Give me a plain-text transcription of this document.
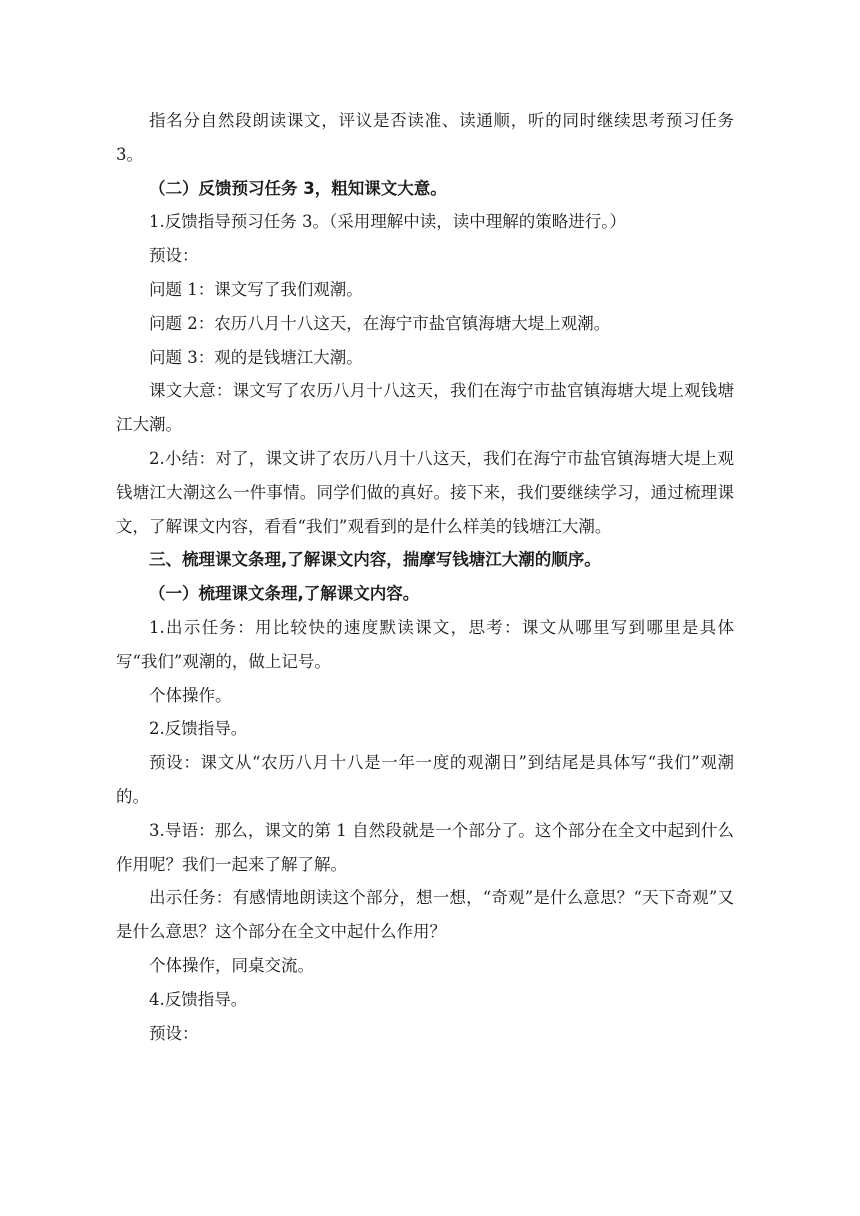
指名分自然段朗读课文，评议是否读准、读通顺，听的同时继续思考预习任务 3。

（二）反馈预习任务 3，粗知课文大意。

1.反馈指导预习任务 3。（采用理解中读，读中理解的策略进行。）

预设：

问题 1：课文写了我们观潮。

问题 2：农历八月十八这天，在海宁市盐官镇海塘大堤上观潮。

问题 3：观的是钱塘江大潮。

课文大意：课文写了农历八月十八这天，我们在海宁市盐官镇海塘大堤上观钱塘江大潮。

2.小结：对了，课文讲了农历八月十八这天，我们在海宁市盐官镇海塘大堤上观钱塘江大潮这么一件事情。同学们做的真好。接下来，我们要继续学习，通过梳理课文，了解课文内容，看看“我们”观看到的是什么样美的钱塘江大潮。

三、梳理课文条理,了解课文内容，揣摩写钱塘江大潮的顺序。

（一）梳理课文条理,了解课文内容。

1.出示任务：用比较快的速度默读课文，思考：课文从哪里写到哪里是具体写“我们”观潮的，做上记号。

个体操作。

2.反馈指导。

预设：课文从“农历八月十八是一年一度的观潮日”到结尾是具体写“我们”观潮的。

3.导语：那么，课文的第 1 自然段就是一个部分了。这个部分在全文中起到什么作用呢？我们一起来了解了解。

出示任务：有感情地朗读这个部分，想一想，“奇观”是什么意思？“天下奇观”又是什么意思？这个部分在全文中起什么作用？

个体操作，同桌交流。

4.反馈指导。

预设：
